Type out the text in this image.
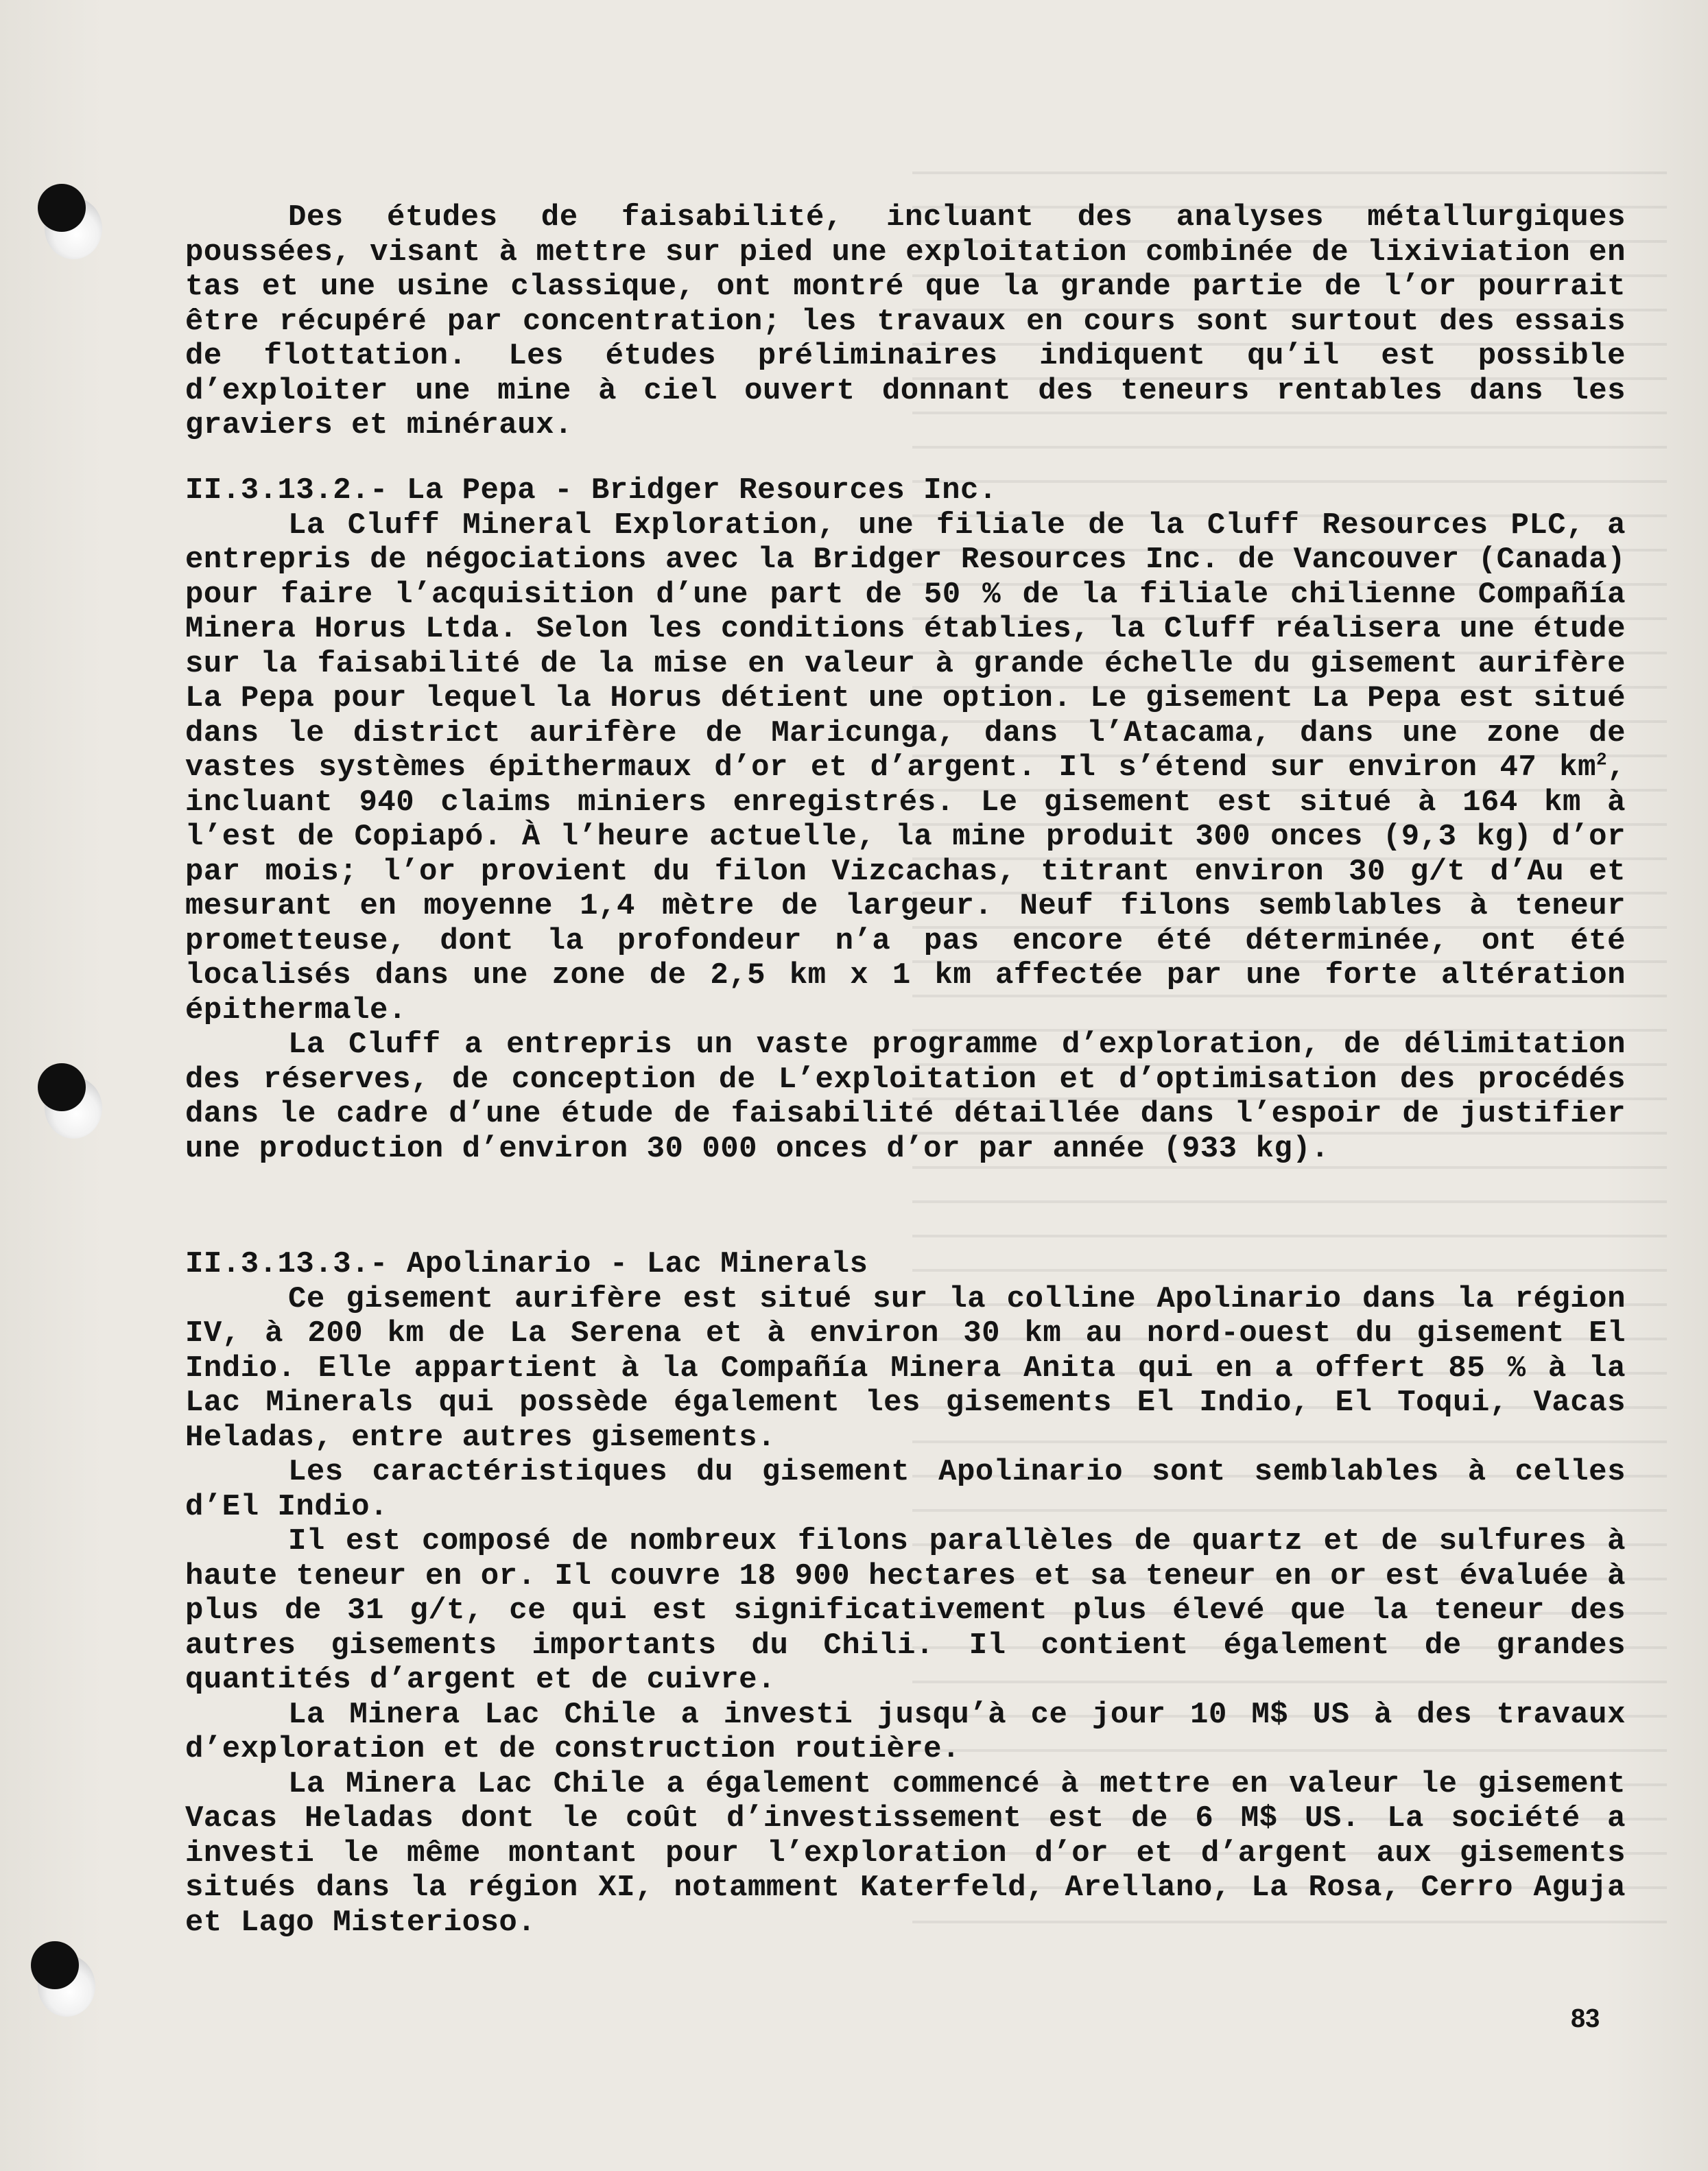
Des études de faisabilité, incluant des analyses métallurgiques poussées, visant à mettre sur pied une exploitation combinée de lixiviation en tas et une usine classique, ont montré que la grande partie de l’or pourrait être récupéré par concentration; les travaux en cours sont surtout des essais de flottation. Les études préliminaires indiquent qu’il est possible d’exploiter une mine à ciel ouvert donnant des teneurs rentables dans les graviers et minéraux.

II.3.13.2.- La Pepa - Bridger Resources Inc.

La Cluff Mineral Exploration, une filiale de la Cluff Resources PLC, a entrepris de négociations avec la Bridger Resources Inc. de Vancouver (Canada) pour faire l’acquisition d’une part de 50 % de la filiale chilienne Compañía Minera Horus Ltda. Selon les conditions établies, la Cluff réalisera une étude sur la faisabilité de la mise en valeur à grande échelle du gisement aurifère La Pepa pour lequel la Horus détient une option. Le gisement La Pepa est situé dans le district aurifère de Maricunga, dans l’Atacama, dans une zone de vastes systèmes épithermaux d’or et d’argent. Il s’étend sur environ 47 $km^2$, incluant 940 claims miniers enregistrés. Le gisement est situé à 164 km à l’est de Copiapó. À l’heure actuelle, la mine produit 300 onces (9,3 kg) d’or par mois; l’or provient du filon Vizcachas, titrant environ 30 g/t d’Au et mesurant en moyenne 1,4 mètre de largeur. Neuf filons semblables à teneur prometteuse, dont la profondeur n’a pas encore été déterminée, ont été localisés dans une zone de 2,5 km x 1 km affectée par une forte altération épithermale.

La Cluff a entrepris un vaste programme d’exploration, de délimitation des réserves, de conception de L’exploitation et d’optimisation des procédés dans le cadre d’une étude de faisabilité détaillée dans l’espoir de justifier une production d’environ 30 000 onces d’or par année (933 kg).

II.3.13.3.- Apolinario - Lac Minerals

Ce gisement aurifère est situé sur la colline Apolinario dans la région IV, à 200 km de La Serena et à environ 30 km au nord-ouest du gisement El Indio. Elle appartient à la Compañía Minera Anita qui en a offert 85 % à la Lac Minerals qui possède également les gisements El Indio, El Toqui, Vacas Heladas, entre autres gisements.

Les caractéristiques du gisement Apolinario sont semblables à celles d’El Indio.

Il est composé de nombreux filons parallèles de quartz et de sulfures à haute teneur en or. Il couvre 18 900 hectares et sa teneur en or est évaluée à plus de 31 g/t, ce qui est significativement plus élevé que la teneur des autres gisements importants du Chili. Il contient également de grandes quantités d’argent et de cuivre.

La Minera Lac Chile a investi jusqu’à ce jour 10 M$ US à des travaux d’exploration et de construction routière.

La Minera Lac Chile a également commencé à mettre en valeur le gisement Vacas Heladas dont le coût d’investissement est de 6 M$ US. La société a investi le même montant pour l’exploration d’or et d’argent aux gisements situés dans la région XI, notamment Katerfeld, Arellano, La Rosa, Cerro Aguja et Lago Misterioso.

83
